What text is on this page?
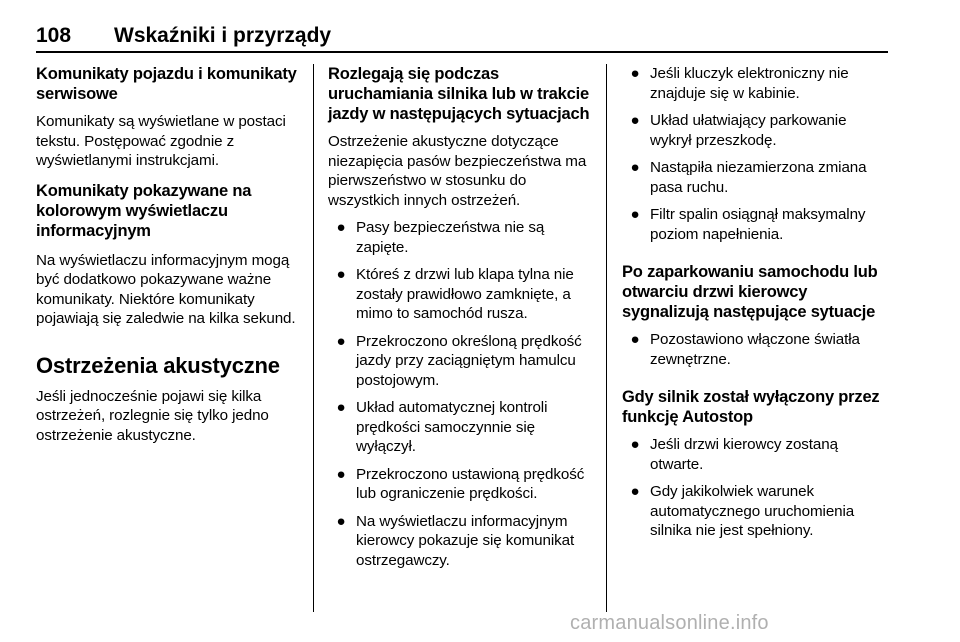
108 Wskaźniki i przyrządy
Komunikaty pojazdu i komunikaty serwisowe

Komunikaty są wyświetlane w postaci tekstu. Postępować zgodnie z wyświetlanymi instrukcjami.

Komunikaty pokazywane na kolorowym wyświetlaczu informacyjnym

Na wyświetlaczu informacyjnym mogą być dodatkowo pokazywane ważne komunikaty. Niektóre komunikaty pojawiają się zaledwie na kilka sekund.

Ostrzeżenia akustyczne

Jeśli jednocześnie pojawi się kilka ostrzeżeń, rozlegnie się tylko jedno ostrzeżenie akustyczne.

Rozlegają się podczas uruchamiania silnika lub w trakcie jazdy w następujących sytuacjach

Ostrzeżenie akustyczne dotyczące niezapięcia pasów bezpieczeństwa ma pierwszeństwo w stosunku do wszystkich innych ostrzeżeń.

● Pasy bezpieczeństwa nie są zapięte.
● Któreś z drzwi lub klapa tylna nie zostały prawidłowo zamknięte, a mimo to samochód rusza.
● Przekroczono określoną prędkość jazdy przy zaciągniętym hamulcu postojowym.
● Układ automatycznej kontroli prędkości samoczynnie się wyłączył.
● Przekroczono ustawioną prędkość lub ograniczenie prędkości.
● Na wyświetlaczu informacyjnym kierowcy pokazuje się komunikat ostrzegawczy.
● Jeśli kluczyk elektroniczny nie znajduje się w kabinie.
● Układ ułatwiający parkowanie wykrył przeszkodę.
● Nastąpiła niezamierzona zmiana pasa ruchu.
● Filtr spalin osiągnął maksymalny poziom napełnienia.
Po zaparkowaniu samochodu lub otwarciu drzwi kierowcy sygnalizują następujące sytuacje
● Pozostawiono włączone światła zewnętrzne.
Gdy silnik został wyłączony przez funkcję Autostop
● Jeśli drzwi kierowcy zostaną otwarte.
● Gdy jakikolwiek warunek automatycznego uruchomienia silnika nie jest spełniony.
carmanualsonline.info
